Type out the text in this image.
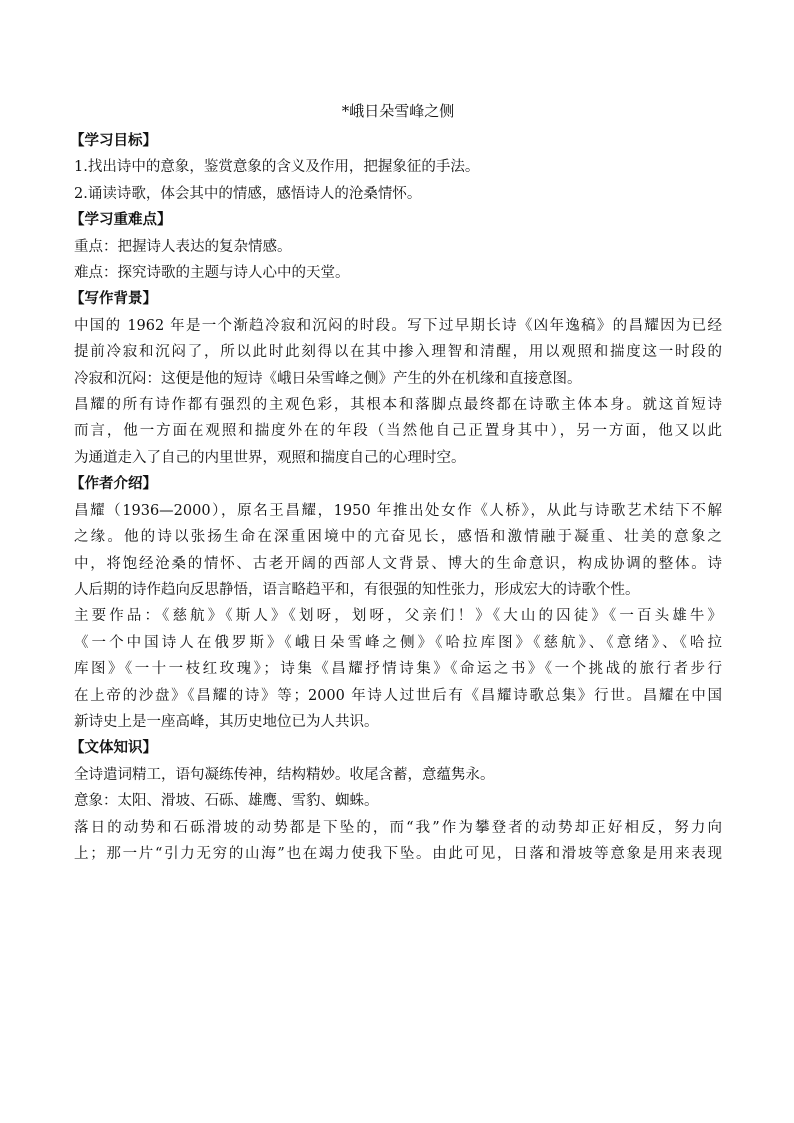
*峨日朵雪峰之侧
【学习目标】
1.找出诗中的意象，鉴赏意象的含义及作用，把握象征的手法。
2.诵读诗歌，体会其中的情感，感悟诗人的沧桑情怀。
【学习重难点】
重点：把握诗人表达的复杂情感。
难点：探究诗歌的主题与诗人心中的天堂。
【写作背景】
中国的 1962 年是一个渐趋冷寂和沉闷的时段。写下过早期长诗《凶年逸稿》的昌耀因为已经
提前冷寂和沉闷了，所以此时此刻得以在其中掺入理智和清醒，用以观照和揣度这一时段的
冷寂和沉闷：这便是他的短诗《峨日朵雪峰之侧》产生的外在机缘和直接意图。
昌耀的所有诗作都有强烈的主观色彩，其根本和落脚点最终都在诗歌主体本身。就这首短诗
而言，他一方面在观照和揣度外在的年段（当然他自己正置身其中），另一方面，他又以此
为通道走入了自己的内里世界，观照和揣度自己的心理时空。
【作者介绍】
昌耀（1936—2000），原名王昌耀，1950 年推出处女作《人桥》，从此与诗歌艺术结下不解
之缘。他的诗以张扬生命在深重困境中的亢奋见长，感悟和激情融于凝重、壮美的意象之
中，将饱经沧桑的情怀、古老开阔的西部人文背景、博大的生命意识，构成协调的整体。诗
人后期的诗作趋向反思静悟，语言略趋平和，有很强的知性张力，形成宏大的诗歌个性。
主要作品：《慈航》《斯人》《划呀，划呀，父亲们！》《大山的囚徒》《一百头雄牛》
《一个中国诗人在俄罗斯》《峨日朵雪峰之侧》《哈拉库图》《慈航》、《意绪》、《哈拉
库图》《一十一枝红玫瑰》；诗集《昌耀抒情诗集》《命运之书》《一个挑战的旅行者步行
在上帝的沙盘》《昌耀的诗》等；2000 年诗人过世后有《昌耀诗歌总集》行世。昌耀在中国
新诗史上是一座高峰，其历史地位已为人共识。
【文体知识】
全诗遣词精工，语句凝练传神，结构精妙。收尾含蓄，意蕴隽永。
意象：太阳、滑坡、石砾、雄鹰、雪豹、蜘蛛。
落日的动势和石砾滑坡的动势都是下坠的，而“我”作为攀登者的动势却正好相反，努力向
上；那一片“引力无穷的山海”也在竭力使我下坠。由此可见，日落和滑坡等意象是用来表现
